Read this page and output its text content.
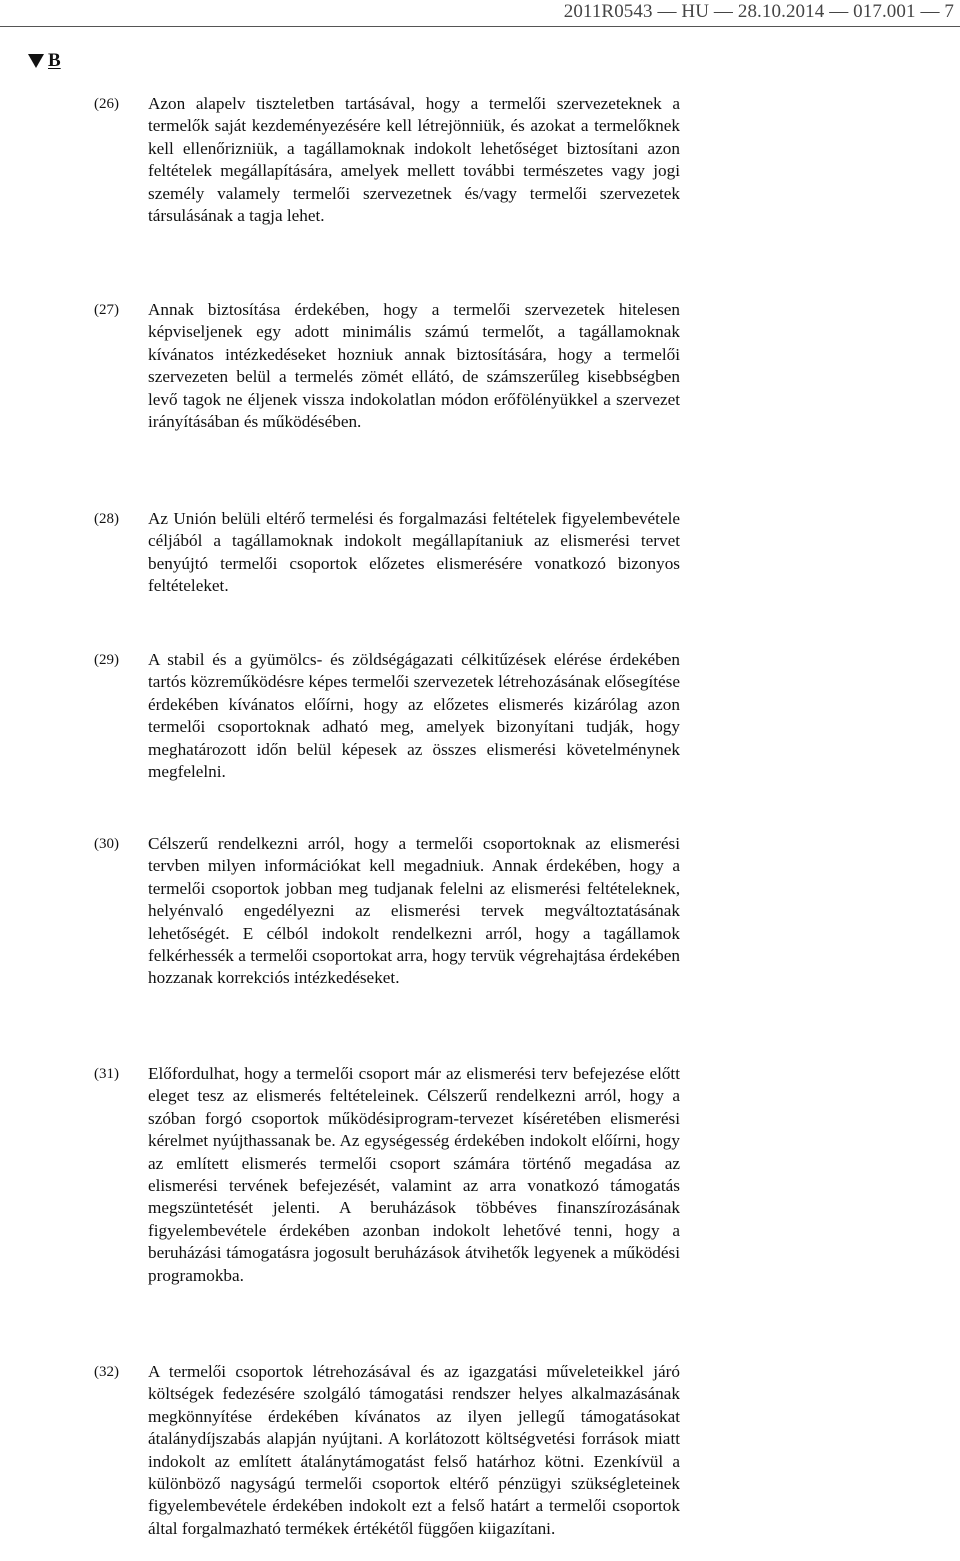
2011R0543 — HU — 28.10.2014 — 017.001 — 7
B
(26) Azon alapelv tiszteletben tartásával, hogy a termelői szervezeteknek a termelők saját kezdeményezésére kell létrejönniük, és azokat a termelőknek kell ellenőrizniük, a tagállamoknak indokolt lehetőséget biztosítani azon feltételek megállapítására, amelyek mellett további természetes vagy jogi személy valamely termelői szervezetnek és/vagy termelői szervezetek társulásának a tagja lehet.
(27) Annak biztosítása érdekében, hogy a termelői szervezetek hitelesen képviseljenek egy adott minimális számú termelőt, a tagállamoknak kívánatos intézkedéseket hozniuk annak biztosítására, hogy a termelői szervezeten belül a termelés zömét ellátó, de számszerűleg kisebbségben levő tagok ne éljenek vissza indokolatlan módon erőfölényükkel a szervezet irányításában és működésében.
(28) Az Unión belüli eltérő termelési és forgalmazási feltételek figyelembevétele céljából a tagállamoknak indokolt megállapítaniuk az elismerési tervet benyújtó termelői csoportok előzetes elismerésére vonatkozó bizonyos feltételeket.
(29) A stabil és a gyümölcs- és zöldségágazati célkitűzések elérése érdekében tartós közreműködésre képes termelői szervezetek létrehozásának elősegítése érdekében kívánatos előírni, hogy az előzetes elismerés kizárólag azon termelői csoportoknak adható meg, amelyek bizonyítani tudják, hogy meghatározott időn belül képesek az összes elismerési követelménynek megfelelni.
(30) Célszerű rendelkezni arról, hogy a termelői csoportoknak az elismerési tervben milyen információkat kell megadniuk. Annak érdekében, hogy a termelői csoportok jobban meg tudjanak felelni az elismerési feltételeknek, helyénvaló engedélyezni az elismerési tervek megváltoztatásának lehetőségét. E célból indokolt rendelkezni arról, hogy a tagállamok felkérhessék a termelői csoportokat arra, hogy tervük végrehajtása érdekében hozzanak korrekciós intézkedéseket.
(31) Előfordulhat, hogy a termelői csoport már az elismerési terv befejezése előtt eleget tesz az elismerés feltételeinek. Célszerű rendelkezni arról, hogy a szóban forgó csoportok működésiprogram-tervezet kíséretében elismerési kérelmet nyújthassanak be. Az egységesség érdekében indokolt előírni, hogy az említett elismerés termelői csoport számára történő megadása az elismerési tervének befejezését, valamint az arra vonatkozó támogatás megszüntetését jelenti. A beruházások többéves finanszírozásának figyelembevétele érdekében azonban indokolt lehetővé tenni, hogy a beruházási támogatásra jogosult beruházások átvihetők legyenek a működési programokba.
(32) A termelői csoportok létrehozásával és az igazgatási műveleteikkel járó költségek fedezésére szolgáló támogatási rendszer helyes alkalmazásának megkönnyítése érdekében kívánatos az ilyen jellegű támogatásokat átalánydíjszabás alapján nyújtani. A korlátozott költségvetési források miatt indokolt az említett átalánytámogatást felső határhoz kötni. Ezenkívül a különböző nagyságú termelői csoportok eltérő pénzügyi szükségleteinek figyelembevétele érdekében indokolt ezt a felső határt a termelői csoportok által forgalmazható termékek értékétől függően kiigazítani.
